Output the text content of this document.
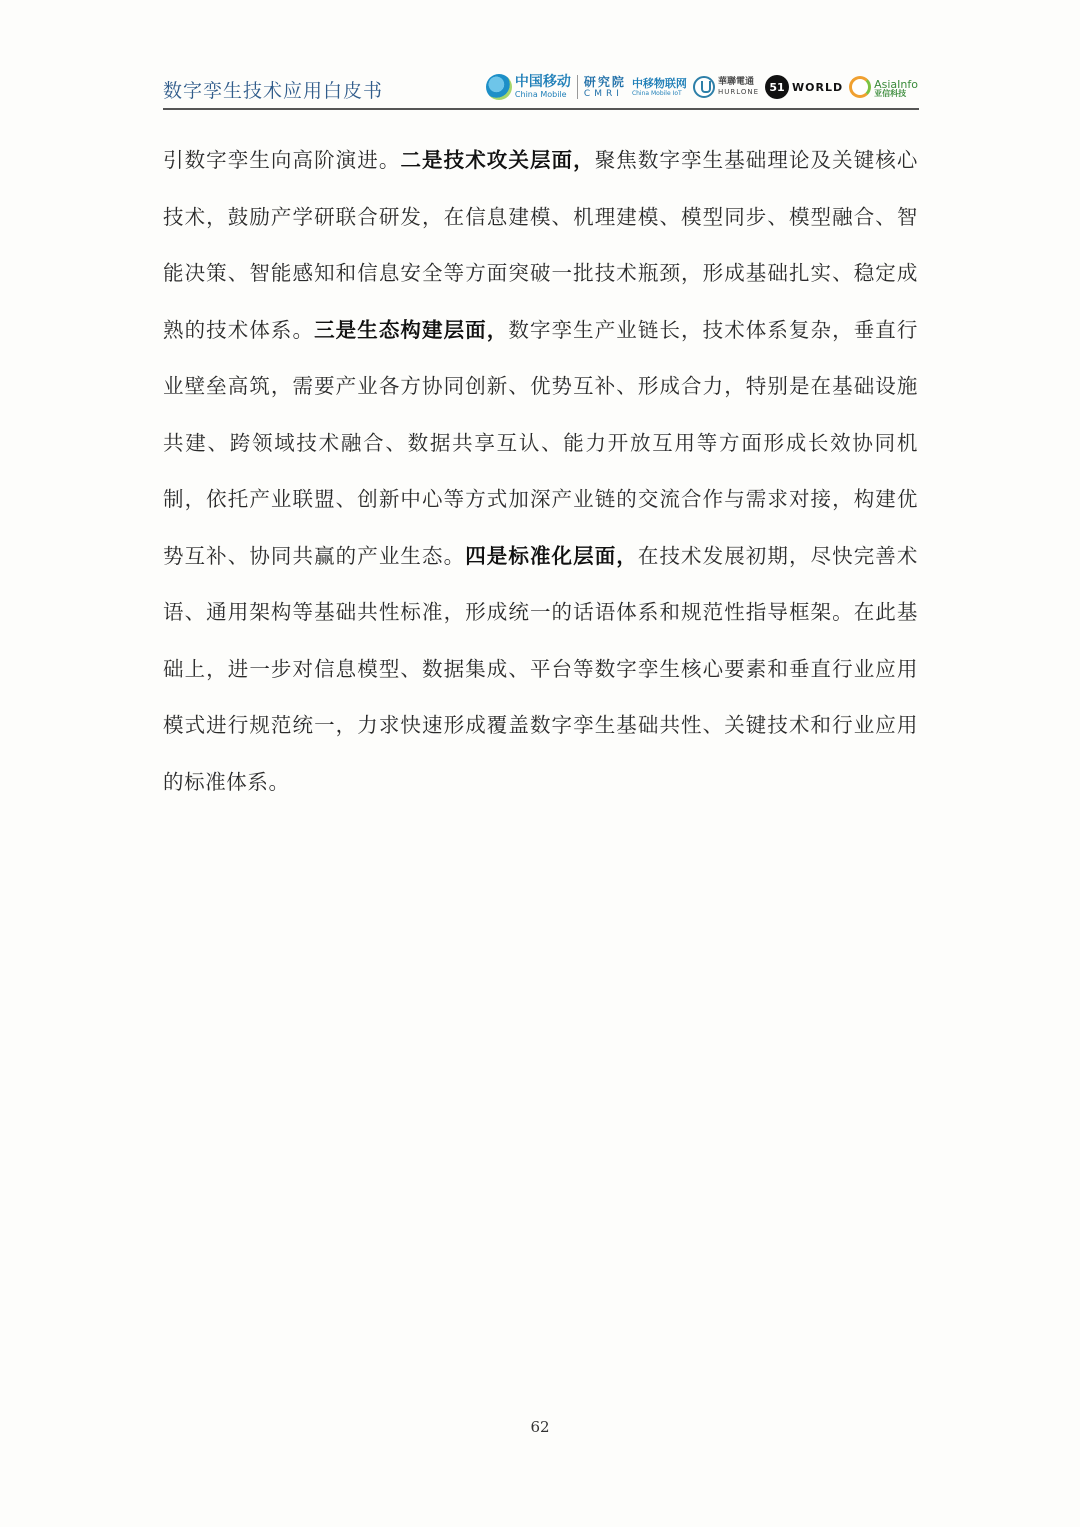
数字孪生技术应用白皮书	中国移动
China Mobile
研究院
CMRI
中移物联网
China Mobile IoT
華聯電通
HURLONE 51 WORLD	AsiaInfo
亚信科技
引数字孪生向高阶演进。二是技术攻关层面，聚焦数字孪生基础理论及关键核心技术，鼓励产学研联合研发，在信息建模、机理建模、模型同步、模型融合、智能决策、智能感知和信息安全等方面突破一批技术瓶颈，形成基础扎实、稳定成熟的技术体系。三是生态构建层面，数字孪生产业链长，技术体系复杂，垂直行业壁垒高筑，需要产业各方协同创新、优势互补、形成合力，特别是在基础设施共建、跨领域技术融合、数据共享互认、能力开放互用等方面形成长效协同机制，依托产业联盟、创新中心等方式加深产业链的交流合作与需求对接，构建优势互补、协同共赢的产业生态。四是标准化层面，在技术发展初期，尽快完善术语、通用架构等基础共性标准，形成统一的话语体系和规范性指导框架。在此基础上，进一步对信息模型、数据集成、平台等数字孪生核心要素和垂直行业应用模式进行规范统一，力求快速形成覆盖数字孪生基础共性、关键技术和行业应用的标准体系。
62
